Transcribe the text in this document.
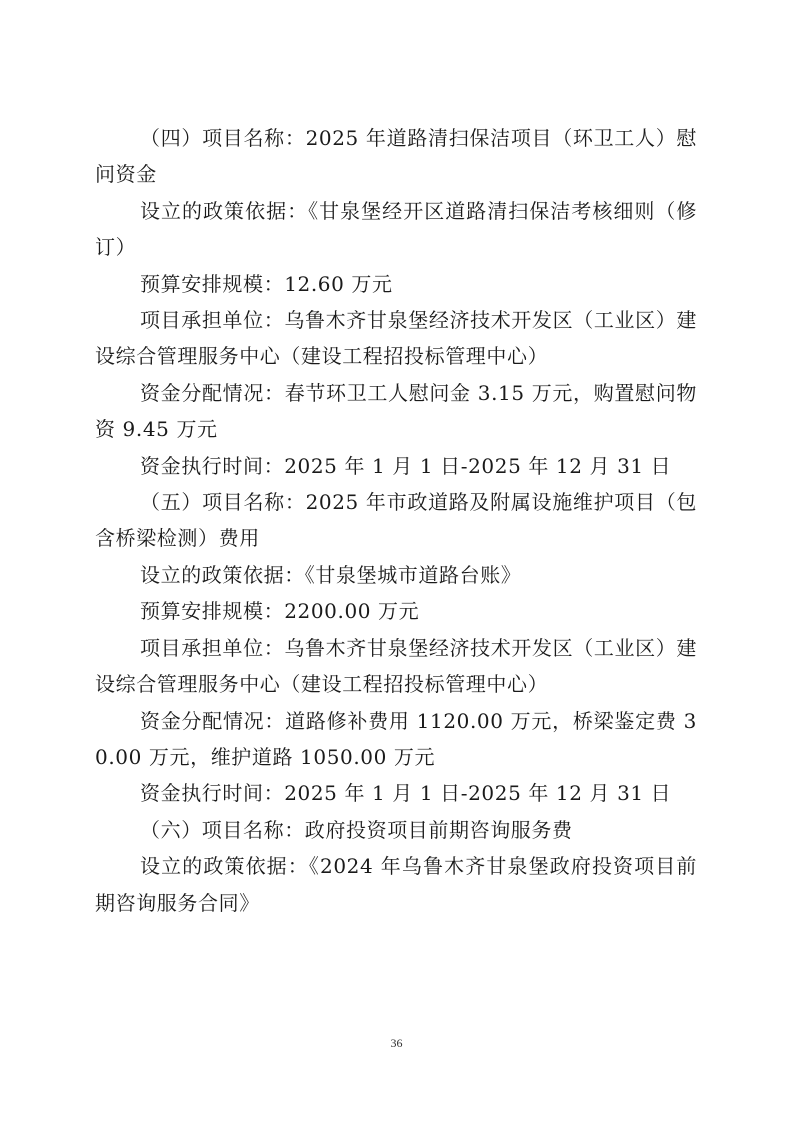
（四）项目名称：2025 年道路清扫保洁项目（环卫工人）慰问资金

设立的政策依据：《甘泉堡经开区道路清扫保洁考核细则（修订）

预算安排规模：12.60 万元

项目承担单位：乌鲁木齐甘泉堡经济技术开发区（工业区）建设综合管理服务中心（建设工程招投标管理中心）

资金分配情况：春节环卫工人慰问金 3.15 万元，购置慰问物资 9.45 万元

资金执行时间：2025 年 1 月 1 日-2025 年 12 月 31 日

（五）项目名称：2025 年市政道路及附属设施维护项目（包含桥梁检测）费用

设立的政策依据：《甘泉堡城市道路台账》

预算安排规模：2200.00 万元

项目承担单位：乌鲁木齐甘泉堡经济技术开发区（工业区）建设综合管理服务中心（建设工程招投标管理中心）

资金分配情况：道路修补费用 1120.00 万元，桥梁鉴定费 30.00 万元，维护道路 1050.00 万元

资金执行时间：2025 年 1 月 1 日-2025 年 12 月 31 日

（六）项目名称：政府投资项目前期咨询服务费

设立的政策依据：《2024 年乌鲁木齐甘泉堡政府投资项目前期咨询服务合同》

36
